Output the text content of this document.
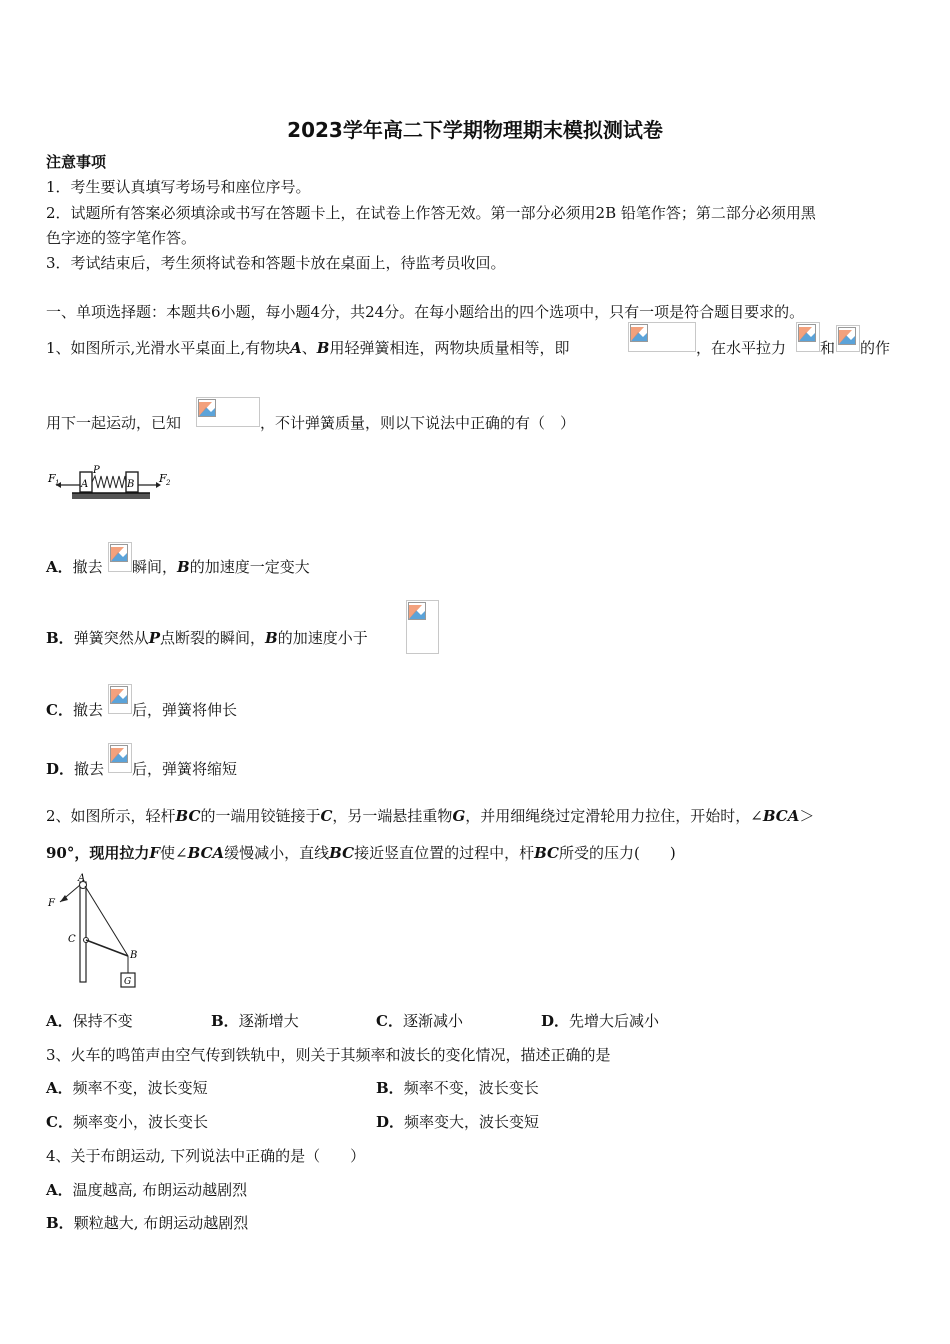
2023学年高二下学期物理期末模拟测试卷
注意事项
1．考生要认真填写考场号和座位序号。
2．试题所有答案必须填涂或书写在答题卡上，在试卷上作答无效。第一部分必须用2B 铅笔作答；第二部分必须用黑
色字迹的签字笔作答。
3．考试结束后，考生须将试卷和答题卡放在桌面上，待监考员收回。
一、单项选择题：本题共6小题，每小题4分，共24分。在每小题给出的四个选项中，只有一项是符合题目要求的。
1、如图所示,光滑水平桌面上,有物块A、B用轻弹簧相连，两物块质量相等，即	，在水平拉力 和 的作
用下一起运动，已知	，不计弹簧质量，则以下说法中正确的有（　）
F 1 A
P
B F 2
A．撤去 瞬间，B的加速度一定变大
B．弹簧突然从P点断裂的瞬间，B的加速度小于
C．撤去 后，弹簧将伸长
D．撤去 后，弹簧将缩短
2、如图所示，轻杆BC的一端用铰链接于C，另一端悬挂重物G，并用细绳绕过定滑轮用力拉住，开始时，∠BCA＞
90°，现用拉力F使∠BCA缓慢减小，直线BC接近竖直位置的过程中，杆BC所受的压力(　　)
A
F
C
B
G
A．保持不变	B．逐渐增大	C．逐渐减小	D．先增大后减小
3、火车的鸣笛声由空气传到铁轨中，则关于其频率和波长的变化情况，描述正确的是
A．频率不变，波长变短	B．频率不变，波长变长
C．频率变小，波长变长	D．频率变大，波长变短
4、关于布朗运动, 下列说法中正确的是（　　）
A．温度越高, 布朗运动越剧烈
B．颗粒越大, 布朗运动越剧烈
